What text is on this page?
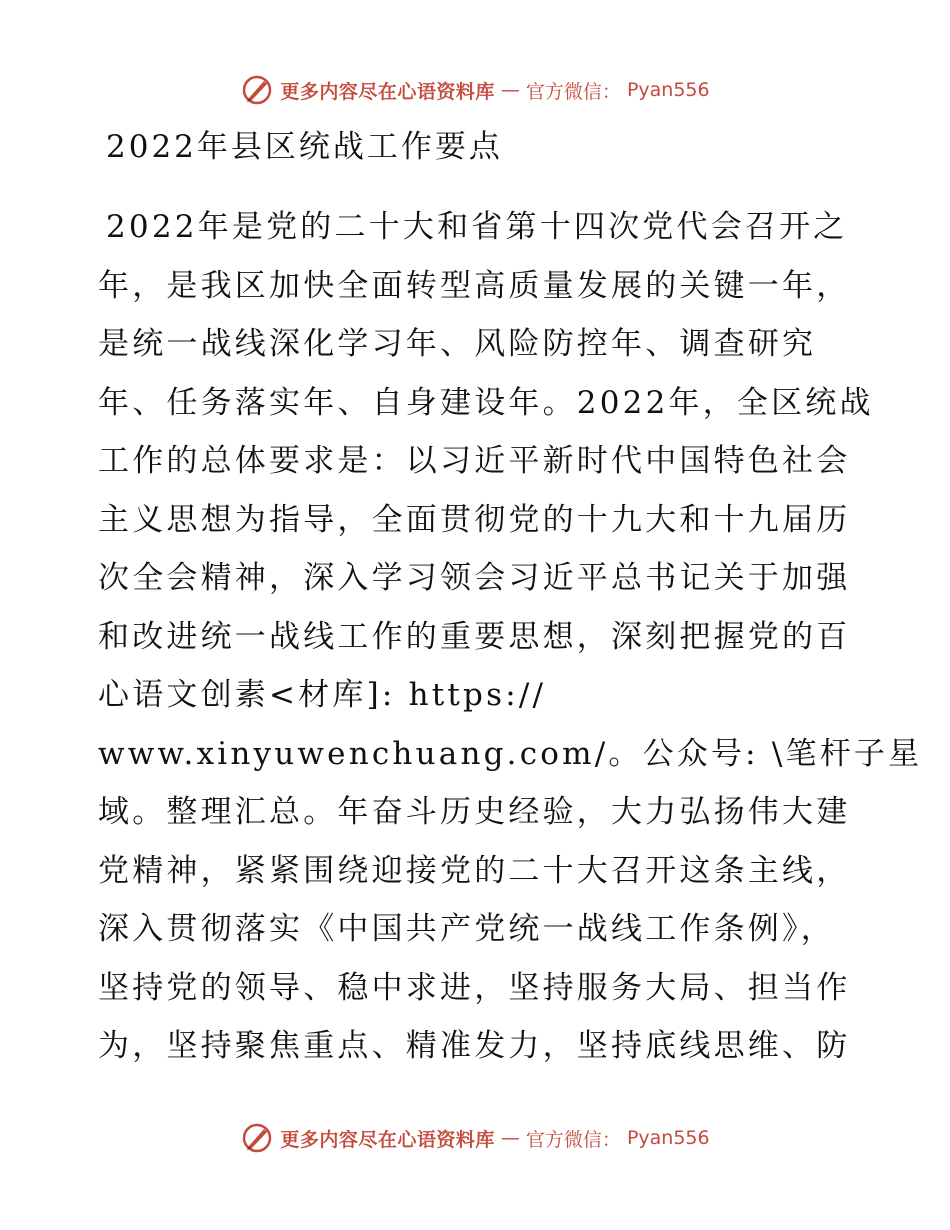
更多内容尽在心语资料库 — 官方微信： Pyan556
2022年县区统战工作要点
2022年是党的二十大和省第十四次党代会召开之
年，是我区加快全面转型高质量发展的关键一年，
是统一战线深化学习年、风险防控年、调查研究
年、任务落实年、自身建设年。2022年，全区统战
工作的总体要求是：以习近平新时代中国特色社会
主义思想为指导，全面贯彻党的十九大和十九届历
次全会精神，深入学习领会习近平总书记关于加强
和改进统一战线工作的重要思想，深刻把握党的百
心语文创素<材库]: https://
www.xinyuwenchuang.com/。公众号: \笔杆子星
域。整理汇总。年奋斗历史经验，大力弘扬伟大建
党精神，紧紧围绕迎接党的二十大召开这条主线，
深入贯彻落实《中国共产党统一战线工作条例》，
坚持党的领导、稳中求进，坚持服务大局、担当作
为，坚持聚焦重点、精准发力，坚持底线思维、防
更多内容尽在心语资料库 — 官方微信： Pyan556
